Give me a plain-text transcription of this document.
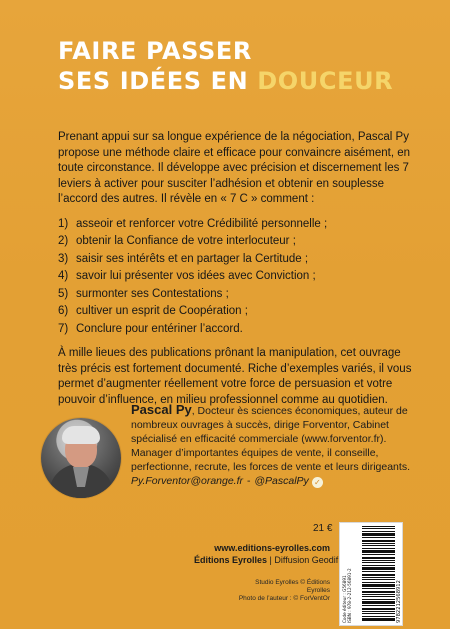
FAIRE PASSER
SES IDÉES EN DOUCEUR

Prenant appui sur sa longue expérience de la négociation, Pascal Py propose une méthode claire et efficace pour convaincre aisément, en toute circonstance. Il développe avec précision et discernement les 7 leviers à activer pour susciter l’adhésion et obtenir en souplesse l’accord des autres. Il révèle en « 7 C » comment :

1) asseoir et renforcer votre Crédibilité personnelle ;
2) obtenir la Confiance de votre interlocuteur ;
3) saisir ses intérêts et en partager la Certitude ;
4) savoir lui présenter vos idées avec Conviction ;
5) surmonter ses Contestations ;
6) cultiver un esprit de Coopération ;
7) Conclure pour entériner l’accord.

À mille lieues des publications prônant la manipulation, cet ouvrage très précis est fortement documenté. Riche d’exemples variés, il vous permet d’augmenter réellement votre force de persuasion et votre pouvoir d’influence, en milieu professionnel comme au quotidien.

Pascal Py, Docteur ès sciences économiques, auteur de nombreux ouvrages à succès, dirige Forventor, Cabinet spécialisé en efficacité commerciale (www.forventor.fr). Manager d’importantes équipes de vente, il conseille, perfectionne, recrute, les forces de vente et leurs dirigeants. Py.Forventor@orange.fr - @PascalPy ✓
21 €
www.editions-eyrolles.com
Éditions Eyrolles | Diffusion Geodif
Studio Eyrolles © Éditions Eyrolles
Photo de l’auteur : © ForVentOr	Code éditeur : G56891 ISBN : 978-2-212-56891-2	9782212568912
